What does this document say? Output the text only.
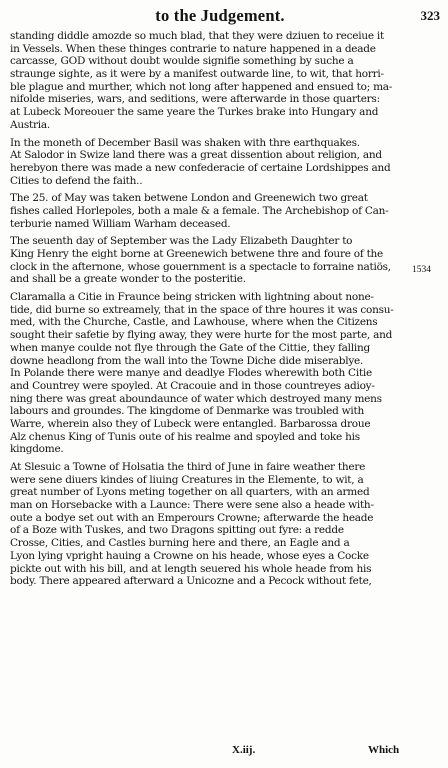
to the Judgement.	323
1534
standing diddle amozde so much blad, that they were dziuen to receiue it
in Vessels. When these thinges contrarie to nature happened in a deade
carcasse, GOD without doubt woulde signifie something by suche a
straunge sighte, as it were by a manifest outwarde line, to wit, that horri-
ble plague and murther, which not long after happened and ensued to; ma-
nifolde miseries, wars, and seditions, were afterwarde in those quarters:
at Lubeck Moreouer the same yeare the Turkes brake into Hungary and
Austria.
In the moneth of December Basil was shaken with thre earthquakes.
At Salodor in Swize land there was a great dissention about religion, and
herebyon there was made a new confederacie of certaine Lordshippes and
Cities to defend the faith..
The 25. of May was taken betwene London and Greenewich two great
fishes called Horlepoles, both a male & a female. The Archebishop of Can-
terburie named William Warham deceased.
The seuenth day of September was the Lady Elizabeth Daughter to
King Henry the eight borne at Greenewich betwene thre and foure of the
clock in the afternone, whose gouernment is a spectacle to forraine natiös,
and shall be a greate wonder to the posteritie.
Claramalla a Citie in Fraunce being stricken with lightning about none-
tide, did burne so extreamely, that in the space of thre houres it was consu-
med, with the Churche, Castle, and Lawhouse, where when the Citizens
sought their safetie by flying away, they were hurte for the most parte, and
when manye coulde not flye through the Gate of the Cittie, they falling
downe headlong from the wall into the Towne Diche dide miserablye.
In Polande there were manye and deadlye Flodes wherewith both Citie
and Countrey were spoyled. At Cracouie and in those countreyes adioy-
ning there was great aboundaunce of water which destroyed many mens
labours and groundes. The kingdome of Denmarke was troubled with
Warre, wherein also they of Lubeck were entangled. Barbarossa droue
Alz chenus King of Tunis oute of his realme and spoyled and toke his
kingdome.
At Slesuic a Towne of Holsatia the third of June in faire weather there
were sene diuers kindes of liuing Creatures in the Elemente, to wit, a
great number of Lyons meting together on all quarters, with an armed
man on Horsebacke with a Launce: There were sene also a heade with-
oute a bodye set out with an Emperours Crowne; afterwarde the heade
of a Boze with Tuskes, and two Dragons spitting out fyre: a redde
Crosse, Cities, and Castles burning here and there, an Eagle and a
Lyon lying vpright hauing a Crowne on his heade, whose eyes a Cocke
pickte out with his bill, and at length seuered his whole heade from his
body. There appeared afterward a Unicozne and a Pecock without fete,
X.iij.	Which
